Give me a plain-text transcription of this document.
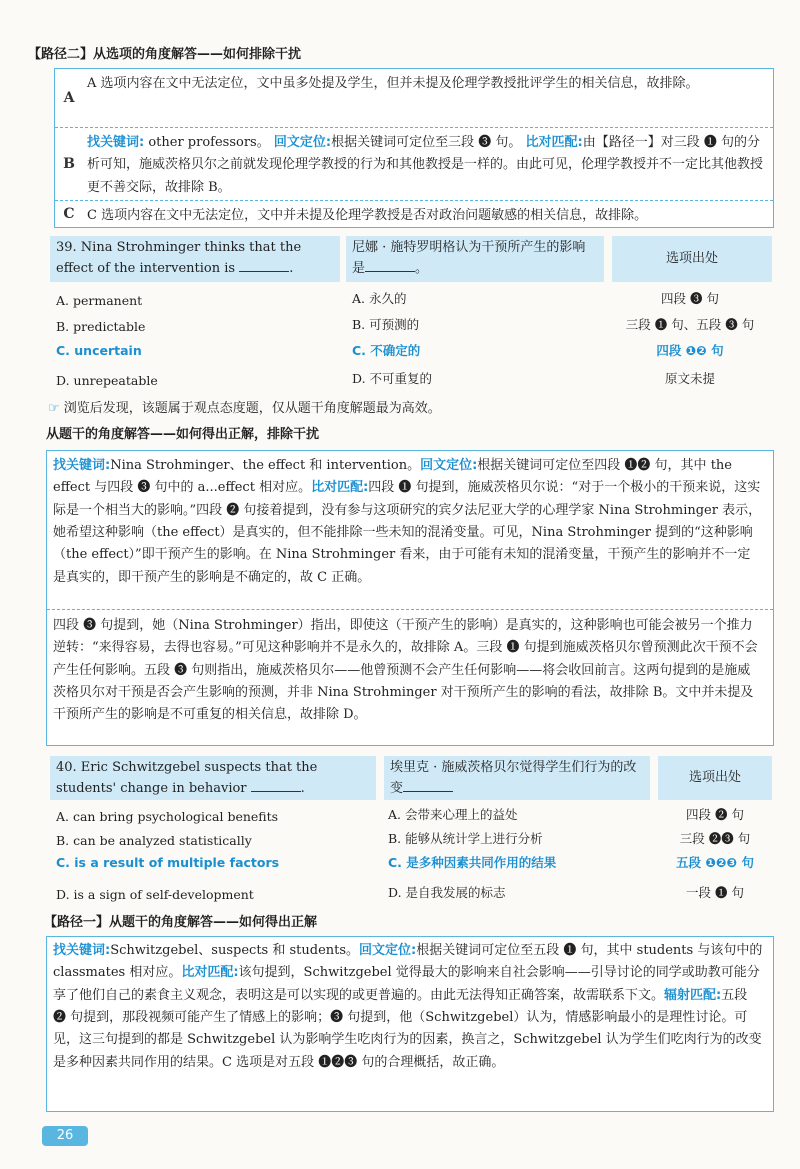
【路径二】从选项的角度解答——如何排除干扰
A
A 选项内容在文中无法定位，文中虽多处提及学生，但并未提及伦理学教授批评学生的相关信息，故排除。
B
找关键词: other professors。 回文定位:根据关键词可定位至三段 ❸ 句。 比对匹配:由【路径一】对三段 ❶ 句的分析可知，施威茨格贝尔之前就发现伦理学教授的行为和其他教授是一样的。由此可见，伦理学教授并不一定比其他教授更不善交际，故排除 B。
C C 选项内容在文中无法定位，文中并未提及伦理学教授是否对政治问题敏感的相关信息，故排除。
39. Nina Strohminger thinks that the effect of the intervention is	.
尼娜 · 施特罗明格认为干预所产生的影响是	。
选项出处
A. permanent	A. 永久的	四段 ❸ 句
B. predictable	B. 可预测的	三段 ❶ 句、五段 ❸ 句
C. uncertain	C. 不确定的	四段 ❶❷ 句
D. unrepeatable	D. 不可重复的	原文未提
☞ 浏览后发现，该题属于观点态度题，仅从题干角度解题最为高效。
从题干的角度解答——如何得出正解，排除干扰
找关键词:Nina Strohminger、the effect 和 intervention。回文定位:根据关键词可定位至四段 ❶❷ 句，其中 the effect 与四段 ❸ 句中的 a...effect 相对应。比对匹配:四段 ❶ 句提到，施威茨格贝尔说：“对于一个极小的干预来说，这实际是一个相当大的影响。”四段 ❷ 句接着提到，没有参与这项研究的宾夕法尼亚大学的心理学家 Nina Strohminger 表示，她希望这种影响（the effect）是真实的，但不能排除一些未知的混淆变量。可见，Nina Strohminger 提到的“这种影响（the effect）”即干预产生的影响。在 Nina Strohminger 看来，由于可能有未知的混淆变量，干预产生的影响并不一定是真实的，即干预产生的影响是不确定的，故 C 正确。
四段 ❸ 句提到，她（Nina Strohminger）指出，即使这（干预产生的影响）是真实的，这种影响也可能会被另一个推力逆转：“来得容易，去得也容易。”可见这种影响并不是永久的，故排除 A。三段 ❶ 句提到施威茨格贝尔曾预测此次干预不会产生任何影响。五段 ❸ 句则指出，施威茨格贝尔——他曾预测不会产生任何影响——将会收回前言。这两句提到的是施威茨格贝尔对干预是否会产生影响的预测，并非 Nina Strohminger 对干预所产生的影响的看法，故排除 B。文中并未提及干预所产生的影响是不可重复的相关信息，故排除 D。
40. Eric Schwitzgebel suspects that the students' change in behavior	.
埃里克 · 施威茨格贝尔觉得学生们行为的改变
选项出处
A. can bring psychological benefits	A. 会带来心理上的益处	四段 ❷ 句
B. can be analyzed statistically	B. 能够从统计学上进行分析	三段 ❷❸ 句
C. is a result of multiple factors	C. 是多种因素共同作用的结果	五段 ❶❷❸ 句
D. is a sign of self-development	D. 是自我发展的标志	一段 ❶ 句
【路径一】从题干的角度解答——如何得出正解
找关键词:Schwitzgebel、suspects 和 students。回文定位:根据关键词可定位至五段 ❶ 句，其中 students 与该句中的 classmates 相对应。比对匹配:该句提到，Schwitzgebel 觉得最大的影响来自社会影响——引导讨论的同学或助教可能分享了他们自己的素食主义观念，表明这是可以实现的或更普遍的。由此无法得知正确答案，故需联系下文。辐射匹配:五段 ❷ 句提到，那段视频可能产生了情感上的影响；❸ 句提到，他（Schwitzgebel）认为，情感影响最小的是理性讨论。可见，这三句提到的都是 Schwitzgebel 认为影响学生吃肉行为的因素，换言之，Schwitzgebel 认为学生们吃肉行为的改变是多种因素共同作用的结果。C 选项是对五段 ❶❷❸ 句的合理概括，故正确。
26
